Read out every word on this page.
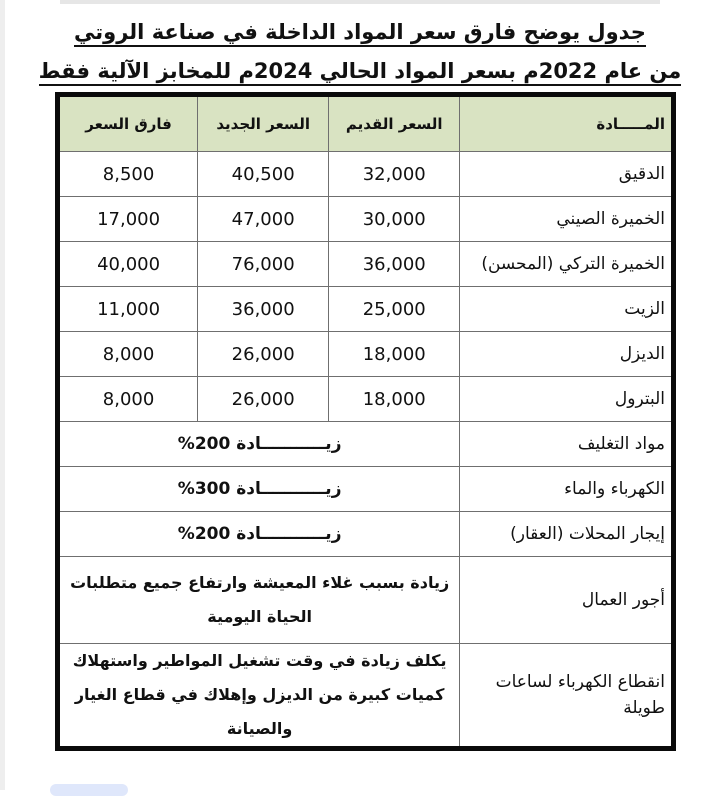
جدول يوضح فارق سعر المواد الداخلة في صناعة الروتي
من عام 2022م بسعر المواد الحالي 2024م للمخابز الآلية فقط
المـــــادة	السعر القديم	السعر الجديد	فارق السعر
الدقيق	32,000	40,500	8,500
الخميرة الصيني	30,000	47,000	17,000
الخميرة التركي (المحسن)	36,000	76,000	40,000
الزيت	25,000	36,000	11,000
الديزل	18,000	26,000	8,000
البترول	18,000	26,000	8,000
مواد التغليف	زيـــــــــــادة 200%		
الكهرباء والماء	زيـــــــــــادة 300%		
إيجار المحلات (العقار)	زيـــــــــــادة 200%		
أجور العمال	زيادة بسبب غلاء المعيشة وارتفاع جميع متطلبات الحياة اليومية		
انقطاع الكهرباء لساعات طويلة	يكلف زيادة في وقت تشغيل المواطير واستهلاك كميات كبيرة من الديزل وإهلاك في قطاع الغيار والصيانة		
